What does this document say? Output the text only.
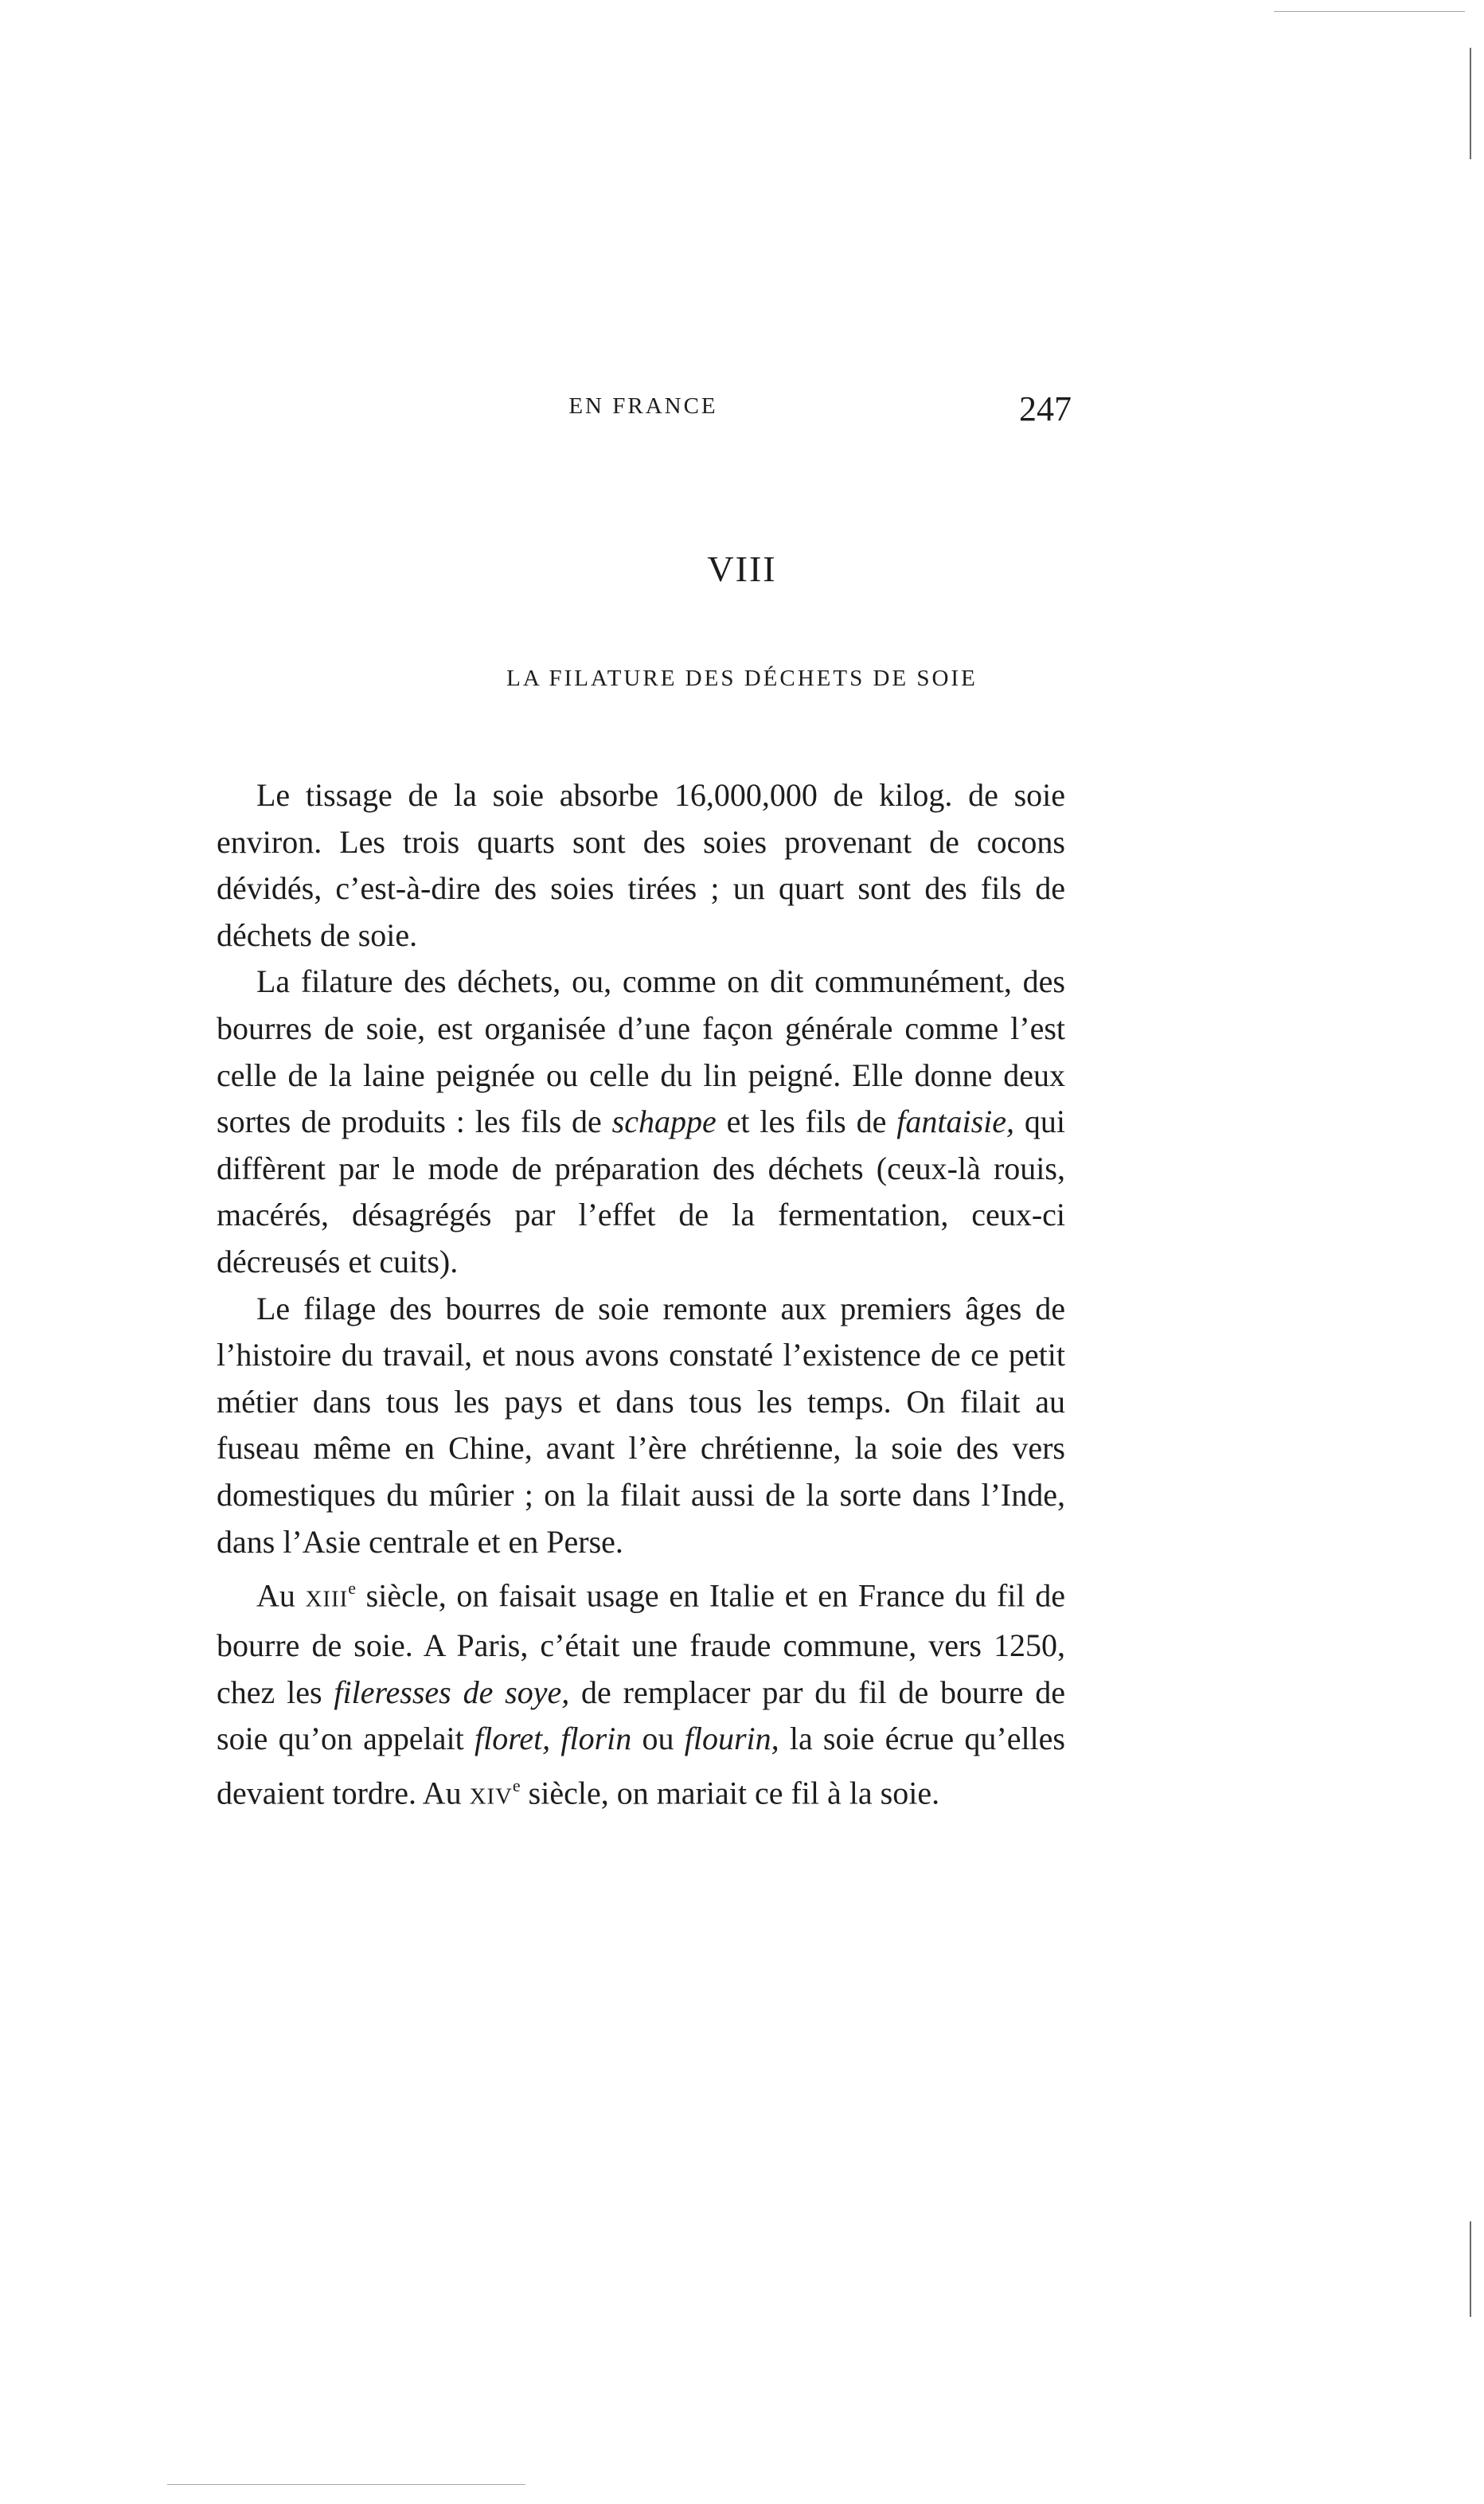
EN FRANCE	247
VIII
LA FILATURE DES DÉCHETS DE SOIE

Le tissage de la soie absorbe 16,000,000 de kilog. de soie environ. Les trois quarts sont des soies provenant de cocons dévidés, c’est-à-dire des soies tirées ; un quart sont des fils de déchets de soie.

La filature des déchets, ou, comme on dit communément, des bourres de soie, est organisée d’une façon générale comme l’est celle de la laine peignée ou celle du lin peigné. Elle donne deux sortes de produits : les fils de schappe et les fils de fantaisie, qui diffèrent par le mode de préparation des déchets (ceux-là rouis, macérés, désagrégés par l’effet de la fermentation, ceux-ci décreusés et cuits).

Le filage des bourres de soie remonte aux premiers âges de l’histoire du travail, et nous avons constaté l’existence de ce petit métier dans tous les pays et dans tous les temps. On filait au fuseau même en Chine, avant l’ère chrétienne, la soie des vers domestiques du mûrier ; on la filait aussi de la sorte dans l’Inde, dans l’Asie centrale et en Perse.

Au XIIIe siècle, on faisait usage en Italie et en France du fil de bourre de soie. A Paris, c’était une fraude commune, vers 1250, chez les fileresses de soye, de remplacer par du fil de bourre de soie qu’on appelait floret, florin ou flourin, la soie écrue qu’elles devaient tordre. Au XIVe siècle, on mariait ce fil à la soie.
